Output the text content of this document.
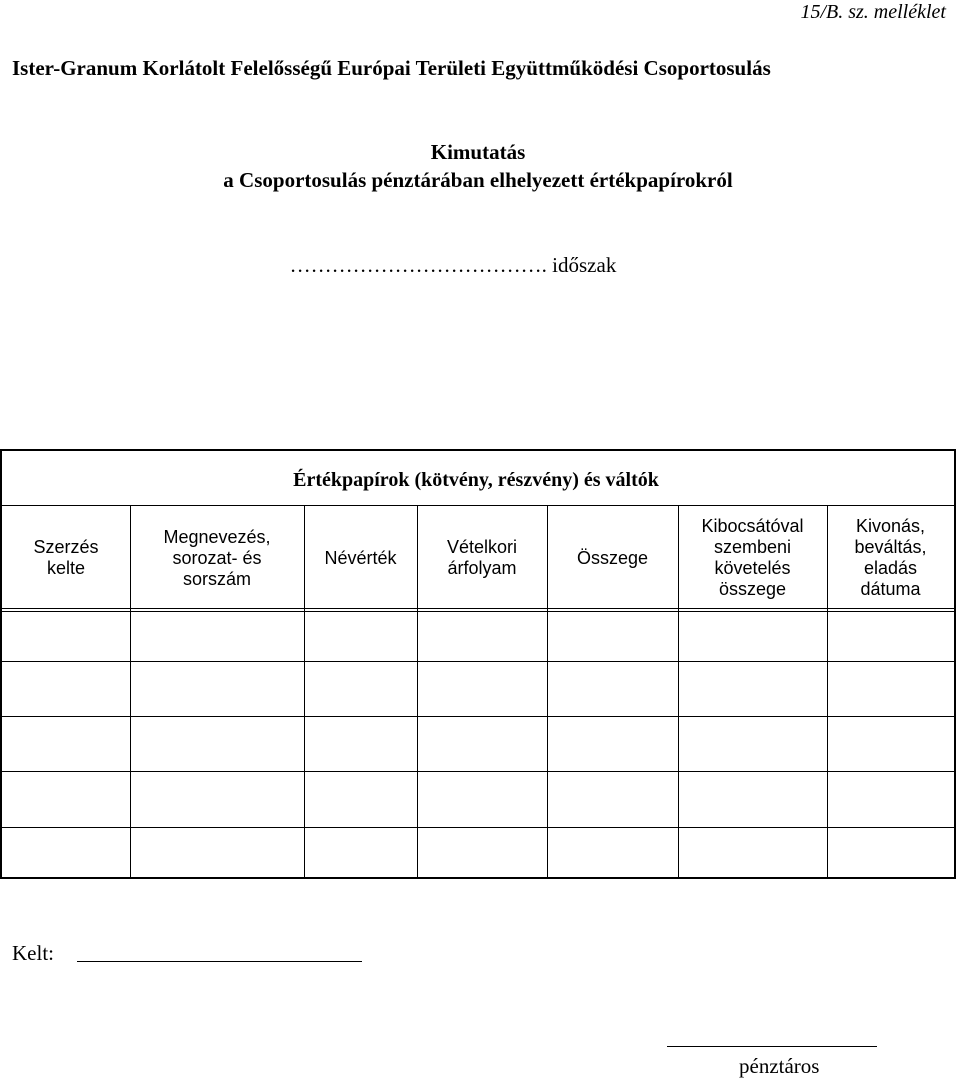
15/B. sz. melléklet
Ister-Granum Korlátolt Felelősségű Európai Területi Együttműködési Csoportosulás
Kimutatás
a Csoportosulás pénztárában elhelyezett értékpapírokról
………………………………. időszak
Értékpapírok (kötvény, részvény) és váltók
Szerzés
kelte
Megnevezés,
sorozat- és
sorszám
Névérték
Vételkori
árfolyam
Összege
Kibocsátóval
szembeni
követelés
összege
Kivonás,
beváltás,
eladás
dátuma
Kelt:
pénztáros
